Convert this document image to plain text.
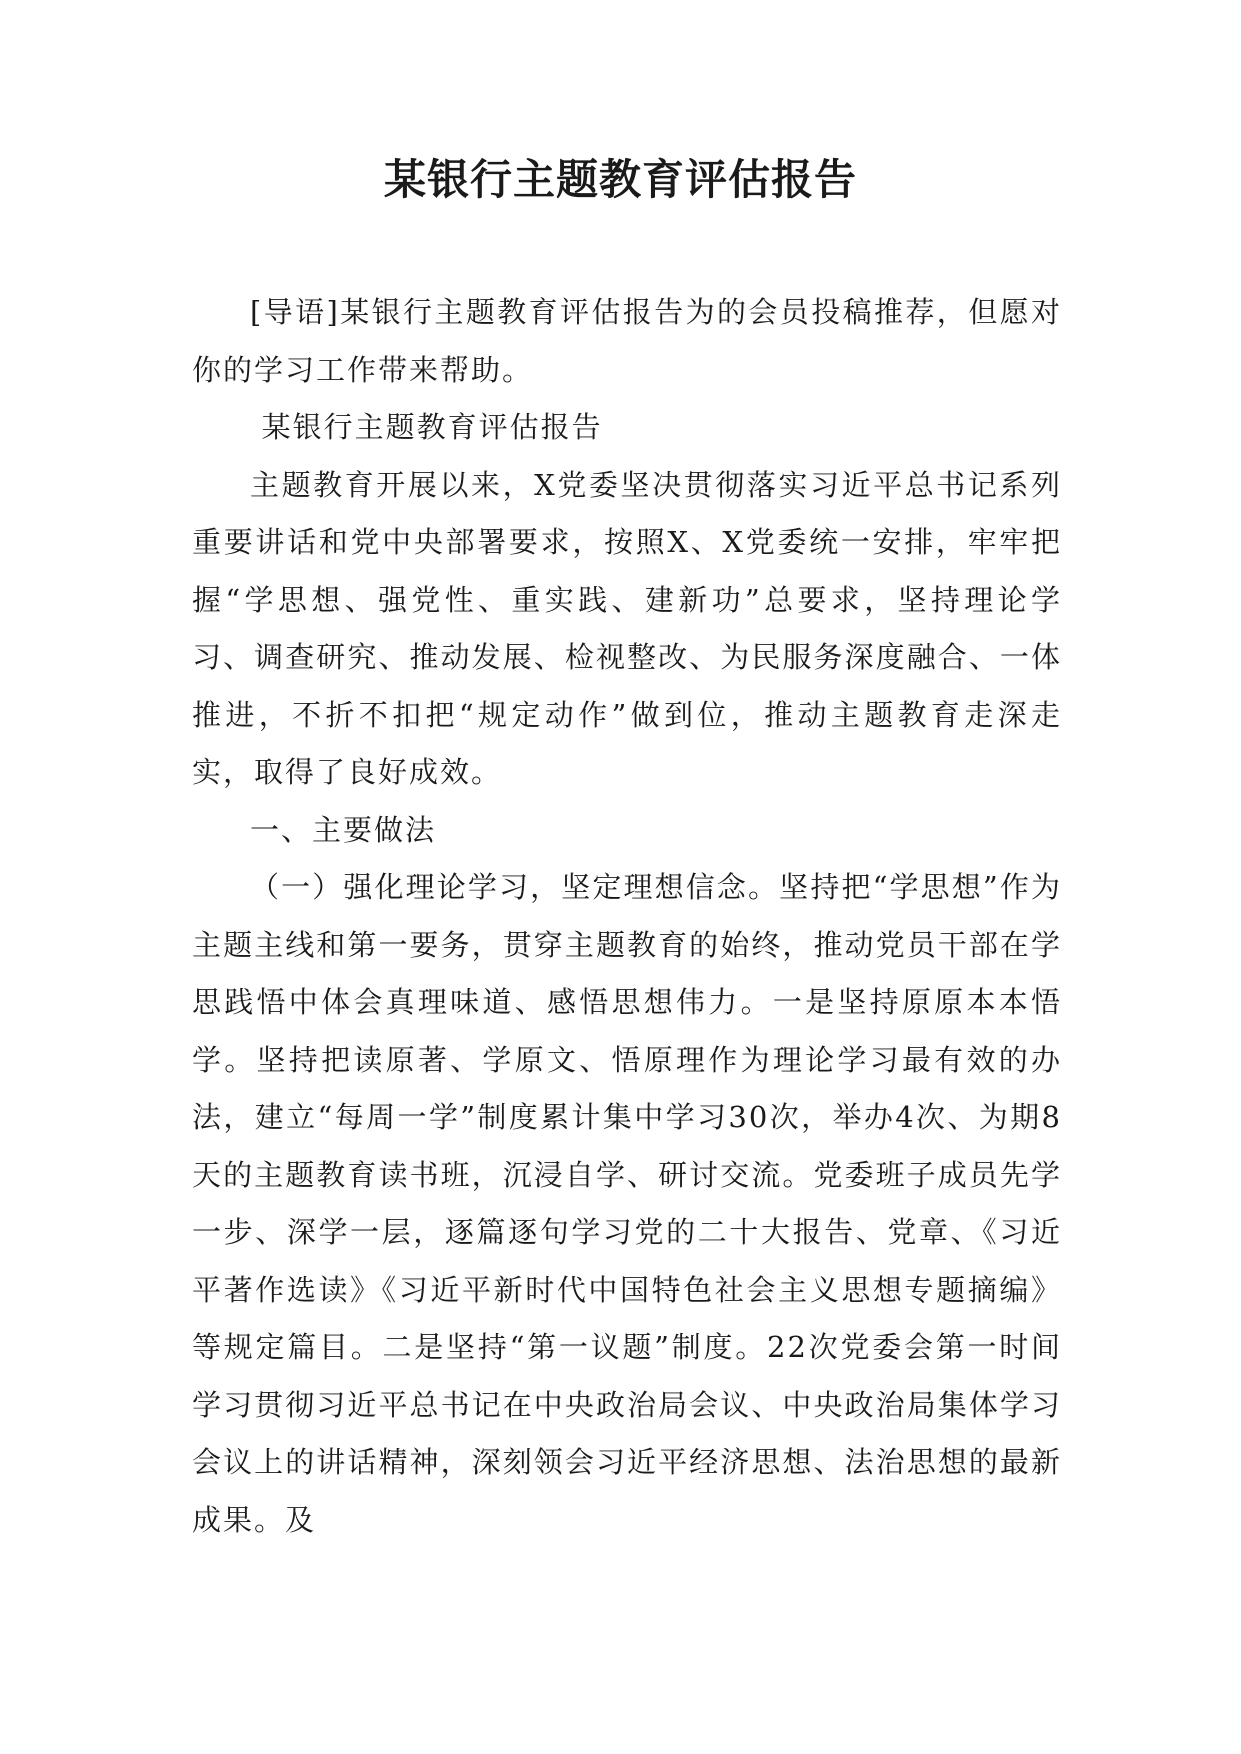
某银行主题教育评估报告

[导语]某银行主题教育评估报告为的会员投稿推荐，但愿对你的学习工作带来帮助。

某银行主题教育评估报告

主题教育开展以来，X党委坚决贯彻落实习近平总书记系列重要讲话和党中央部署要求，按照X、X党委统一安排，牢牢把握“学思想、强党性、重实践、建新功”总要求，坚持理论学习、调查研究、推动发展、检视整改、为民服务深度融合、一体推进，不折不扣把“规定动作”做到位，推动主题教育走深走实，取得了良好成效。

一、主要做法

（一）强化理论学习，坚定理想信念。坚持把“学思想”作为主题主线和第一要务，贯穿主题教育的始终，推动党员干部在学思践悟中体会真理味道、感悟思想伟力。一是坚持原原本本悟学。坚持把读原著、学原文、悟原理作为理论学习最有效的办法，建立“每周一学”制度累计集中学习30次，举办4次、为期8天的主题教育读书班，沉浸自学、研讨交流。党委班子成员先学一步、深学一层，逐篇逐句学习党的二十大报告、党章、《习近平著作选读》《习近平新时代中国特色社会主义思想专题摘编》等规定篇目。二是坚持“第一议题”制度。22次党委会第一时间学习贯彻习近平总书记在中央政治局会议、中央政治局集体学习会议上的讲话精神，深刻领会习近平经济思想、法治思想的最新成果。及
